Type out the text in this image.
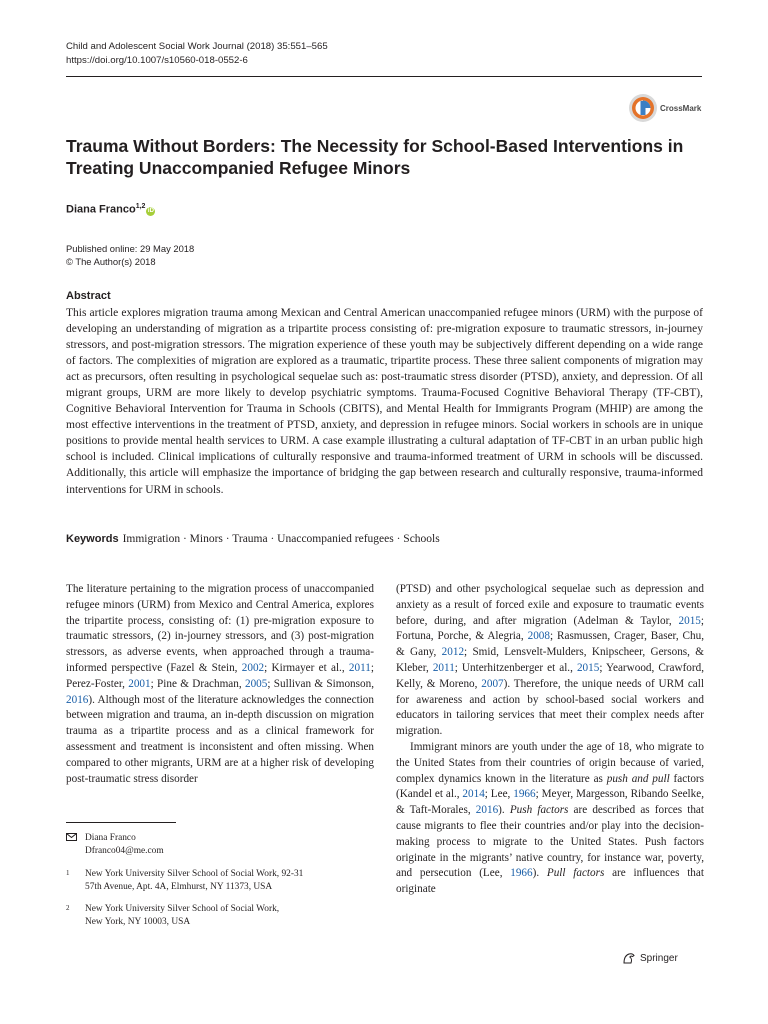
Child and Adolescent Social Work Journal (2018) 35:551–565
https://doi.org/10.1007/s10560-018-0552-6
CrossMark
Trauma Without Borders: The Necessity for School-Based Interventions in Treating Unaccompanied Refugee Minors
Diana Franco$^{1,2}$iD
Published online: 29 May 2018
© The Author(s) 2018
Abstract

This article explores migration trauma among Mexican and Central American unaccompanied refugee minors (URM) with the purpose of developing an understanding of migration as a tripartite process consisting of: pre-migration exposure to traumatic stressors, in-journey stressors, and post-migration stressors. The migration experience of these youth may be subjectively different depending on a wide range of factors. The complexities of migration are explored as a traumatic, tripartite process. These three salient components of migration may act as precursors, often resulting in psychological sequelae such as: post-traumatic stress disorder (PTSD), anxiety, and depression. Of all migrant groups, URM are more likely to develop psychiatric symptoms. Trauma-Focused Cognitive Behavioral Therapy (TF-CBT), Cognitive Behavioral Intervention for Trauma in Schools (CBITS), and Mental Health for Immigrants Program (MHIP) are among the most effective interventions in the treatment of PTSD, anxiety, and depression in refugee minors. Social workers in schools are in unique positions to provide mental health services to URM. A case example illustrating a cultural adaptation of TF-CBT in an urban public high school is included. Clinical implications of culturally responsive and trauma-informed treatment of URM in schools will be discussed. Additionally, this article will emphasize the importance of bridging the gap between research and culturally responsive, trauma-informed interventions for URM in schools.

Keywords Immigration · Minors · Trauma · Unaccompanied refugees · Schools

The literature pertaining to the migration process of unaccompanied refugee minors (URM) from Mexico and Central America, explores the tripartite process, consisting of: (1) pre-migration exposure to traumatic stressors, (2) in-journey stressors, and (3) post-migration stressors, as adverse events, when approached through a trauma-informed perspective (Fazel & Stein, 2002; Kirmayer et al., 2011; Perez-Foster, 2001; Pine & Drachman, 2005; Sullivan & Simonson, 2016). Although most of the literature acknowledges the connection between migration and trauma, an in-depth discussion on migration trauma as a tripartite process and as a clinical framework for assessment and treatment is inconsistent and often missing. When compared to other migrants, URM are at a higher risk of developing post-traumatic stress disorder

(PTSD) and other psychological sequelae such as depression and anxiety as a result of forced exile and exposure to traumatic events before, during, and after migration (Adelman & Taylor, 2015; Fortuna, Porche, & Alegria, 2008; Rasmussen, Crager, Baser, Chu, & Gany, 2012; Smid, Lensvelt-Mulders, Knipscheer, Gersons, & Kleber, 2011; Unterhitzenberger et al., 2015; Yearwood, Crawford, Kelly, & Moreno, 2007). Therefore, the unique needs of URM call for awareness and action by school-based social workers and educators in tailoring services that meet their complex needs after migration.

Immigrant minors are youth under the age of 18, who migrate to the United States from their countries of origin because of varied, complex dynamics known in the literature as push and pull factors (Kandel et al., 2014; Lee, 1966; Meyer, Margesson, Ribando Seelke, & Taft-Morales, 2016). Push factors are described as forces that cause migrants to flee their countries and/or play into the decision-making process to migrate to the United States. Push factors originate in the migrants’ native country, for instance war, poverty, and persecution (Lee, 1966). Pull factors are influences that originate

Diana Franco
Dfranco04@me.com
1	New York University Silver School of Social Work, 92-31
57th Avenue, Apt. 4A, Elmhurst, NY 11373, USA
2	New York University Silver School of Social Work,
New York, NY 10003, USA
Springer
